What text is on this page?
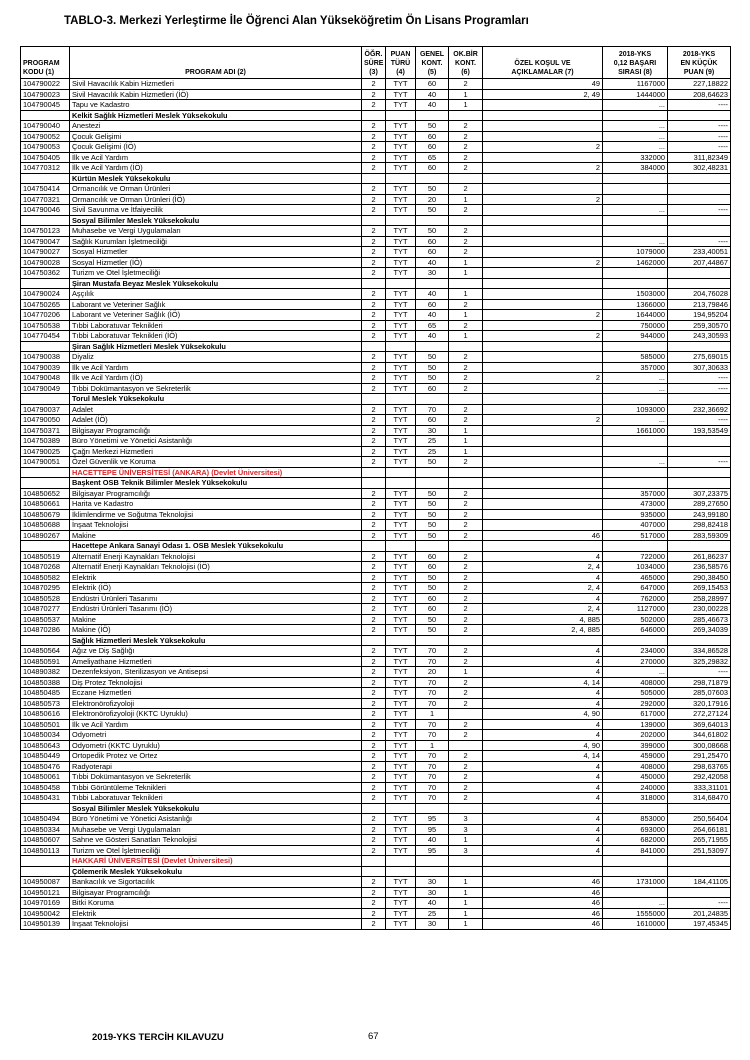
TABLO-3. Merkezi Yerleştirme İle Öğrenci Alan Yükseköğretim Ön Lisans Programları
PROGRAM
KODU (1)	PROGRAM ADI (2)	ÖĞR.
SÜRE
(3)	PUAN
TÜRÜ
(4)	GENEL
KONT.
(5)	OK.BİR
KONT.
(6)	ÖZEL KOŞUL VE
AÇIKLAMALAR (7)	2018-YKS
0,12 BAŞARI
SIRASI (8)	2018-YKS
EN KÜÇÜK
PUAN (9)
104790022	Sivil Havacılık Kabin Hizmetleri	2	TYT	60	2	49	1167000	227,18822
104790023	Sivil Havacılık Kabin Hizmetleri (İÖ)	2	TYT	40	1	2, 49	1444000	208,64623
104790045	Tapu ve Kadastro	2	TYT	40	1		...	----
	Kelkit Sağlık Hizmetleri Meslek Yüksekokulu							
104790040	Anestezi	2	TYT	50	2		...	----
104790052	Çocuk Gelişimi	2	TYT	60	2		...	----
104790053	Çocuk Gelişimi (İÖ)	2	TYT	60	2	2	...	----
104750405	İlk ve Acil Yardım	2	TYT	65	2		332000	311,82349
104770312	İlk ve Acil Yardım (İÖ)	2	TYT	60	2	2	384000	302,48231
	Kürtün Meslek Yüksekokulu							
104750414	Ormancılık ve Orman Ürünleri	2	TYT	50	2			
104770321	Ormancılık ve Orman Ürünleri (İÖ)	2	TYT	20	1	2		
104790046	Sivil Savunma ve İtfaiyecilik	2	TYT	50	2		...	----
	Sosyal Bilimler Meslek Yüksekokulu							
104750123	Muhasebe ve Vergi Uygulamaları	2	TYT	50	2			
104790047	Sağlık Kurumları İşletmeciliği	2	TYT	60	2		...	----
104790027	Sosyal Hizmetler	2	TYT	60	2		1079000	233,40051
104790028	Sosyal Hizmetler (İÖ)	2	TYT	40	1	2	1462000	207,44867
104750362	Turizm ve Otel İşletmeciliği	2	TYT	30	1			
	Şiran Mustafa Beyaz Meslek Yüksekokulu							
104790024	Aşçılık	2	TYT	40	1		1503000	204,76028
104750265	Laborant ve Veteriner Sağlık	2	TYT	60	2		1366000	213,79846
104770206	Laborant ve Veteriner Sağlık (İÖ)	2	TYT	40	1	2	1644000	194,95204
104750538	Tıbbi Laboratuvar Teknikleri	2	TYT	65	2		750000	259,30570
104770454	Tıbbi Laboratuvar Teknikleri (İÖ)	2	TYT	40	1	2	944000	243,30593
	Şiran Sağlık Hizmetleri Meslek Yüksekokulu							
104790038	Diyaliz	2	TYT	50	2		585000	275,69015
104790039	İlk ve Acil Yardım	2	TYT	50	2		357000	307,30633
104790048	İlk ve Acil Yardım (İÖ)	2	TYT	50	2	2	...	----
104790049	Tıbbi Dokümantasyon ve Sekreterlik	2	TYT	60	2		...	----
	Torul Meslek Yüksekokulu							
104790037	Adalet	2	TYT	70	2		1093000	232,36692
104790050	Adalet (İÖ)	2	TYT	60	2	2	...	----
104750371	Bilgisayar Programcılığı	2	TYT	30	1		1661000	193,53549
104750389	Büro Yönetimi ve Yönetici Asistanlığı	2	TYT	25	1			
104790025	Çağrı Merkezi Hizmetleri	2	TYT	25	1			
104790051	Özel Güvenlik ve Koruma	2	TYT	50	2		...	----
	HACETTEPE ÜNİVERSİTESİ (ANKARA) (Devlet Üniversitesi)							
	Başkent OSB Teknik Bilimler Meslek Yüksekokulu							
104850652	Bilgisayar Programcılığı	2	TYT	50	2		357000	307,23375
104850661	Harita ve Kadastro	2	TYT	50	2		473000	289,27650
104850679	İklimlendirme ve Soğutma Teknolojisi	2	TYT	50	2		935000	243,99180
104850688	İnşaat Teknolojisi	2	TYT	50	2		407000	298,82418
104890267	Makine	2	TYT	50	2	46	517000	283,59309
	Hacettepe Ankara Sanayi Odası 1. OSB Meslek Yüksekokulu							
104850519	Alternatif Enerji Kaynakları Teknolojisi	2	TYT	60	2	4	722000	261,86237
104870268	Alternatif Enerji Kaynakları Teknolojisi (İÖ)	2	TYT	60	2	2, 4	1034000	236,58576
104850582	Elektrik	2	TYT	50	2	4	465000	290,38450
104870295	Elektrik (İÖ)	2	TYT	50	2	2, 4	647000	269,15453
104850528	Endüstri Ürünleri Tasarımı	2	TYT	60	2	4	762000	258,28997
104870277	Endüstri Ürünleri Tasarımı (İÖ)	2	TYT	60	2	2, 4	1127000	230,00228
104850537	Makine	2	TYT	50	2	4, 885	502000	285,46673
104870286	Makine (İÖ)	2	TYT	50	2	2, 4, 885	646000	269,34039
	Sağlık Hizmetleri Meslek Yüksekokulu							
104850564	Ağız ve Diş Sağlığı	2	TYT	70	2	4	234000	334,86528
104850591	Ameliyathane Hizmetleri	2	TYT	70	2	4	270000	325,29832
104890382	Dezenfeksiyon, Sterilizasyon ve Antisepsi	2	TYT	20	1	4	...	----
104850388	Diş Protez Teknolojisi	2	TYT	70	2	4, 14	408000	298,71879
104850485	Eczane Hizmetleri	2	TYT	70	2	4	505000	285,07603
104850573	Elektronörofizyoloji	2	TYT	70	2	4	292000	320,17916
104850616	Elektronörofizyoloji (KKTC Uyruklu)	2	TYT	1		4, 90	617000	272,27124
104850501	İlk ve Acil Yardım	2	TYT	70	2	4	139000	369,64013
104850034	Odyometri	2	TYT	70	2	4	202000	344,61802
104850643	Odyometri (KKTC Uyruklu)	2	TYT	1		4, 90	399000	300,08668
104850449	Ortopedik Protez ve Ortez	2	TYT	70	2	4, 14	459000	291,25470
104850476	Radyoterapi	2	TYT	70	2	4	408000	298,63765
104850061	Tıbbi Dokümantasyon ve Sekreterlik	2	TYT	70	2	4	450000	292,42058
104850458	Tıbbi Görüntüleme Teknikleri	2	TYT	70	2	4	240000	333,31101
104850431	Tıbbi Laboratuvar Teknikleri	2	TYT	70	2	4	318000	314,68470
	Sosyal Bilimler Meslek Yüksekokulu							
104850494	Büro Yönetimi ve Yönetici Asistanlığı	2	TYT	95	3	4	853000	250,56404
104850334	Muhasebe ve Vergi Uygulamaları	2	TYT	95	3	4	693000	264,66181
104850607	Sahne ve Gösteri Sanatları Teknolojisi	2	TYT	40	1	4	682000	265,71955
104850113	Turizm ve Otel İşletmeciliği	2	TYT	95	3	4	841000	251,53097
	HAKKARİ ÜNİVERSİTESİ (Devlet Üniversitesi)							
	Çölemerik Meslek Yüksekokulu							
104950087	Bankacılık ve Sigortacılık	2	TYT	30	1	46	1731000	184,41105
104950121	Bilgisayar Programcılığı	2	TYT	30	1	46		
104970169	Bitki Koruma	2	TYT	40	1	46	...	----
104950042	Elektrik	2	TYT	25	1	46	1555000	201,24835
104950139	İnşaat Teknolojisi	2	TYT	30	1	46	1610000	197,45345
2019-YKS TERCİH KILAVUZU	67
